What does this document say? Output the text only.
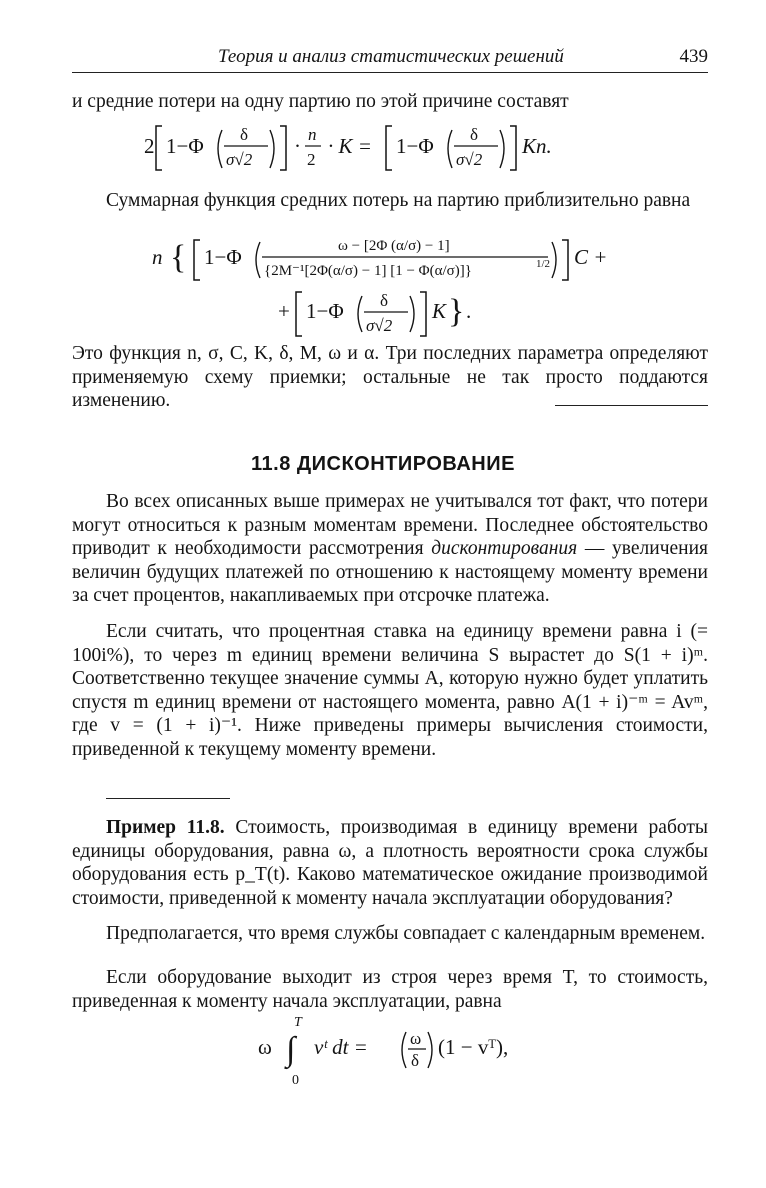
Теория и анализ статистических решений	439

и средние потери на одну партию по этой причине составят

2 1−Φ δ
σ√2
· n
2
· K = 1−Φ δ
σ√2
Kn.

Суммарная функция средних потерь на партию приблизительно равна

n { 1−Φ	ω − [2Φ (α/σ) − 1]
{2M⁻¹[2Φ(α/σ) − 1] [1 − Φ(α/σ)]}	1/2 C +
+ 1−Φ δ
σ√2
K } .

Это функция n, σ, C, K, δ, M, ω и α. Три последних параметра определяют применяемую схему приемки; остальные не так просто поддаются изменению.

11.8 ДИСКОНТИРОВАНИЕ

Во всех описанных выше примерах не учитывался тот факт, что потери могут относиться к разным моментам времени. Последнее обстоятельство приводит к необходимости рассмотрения дисконтирования — увеличения величин будущих платежей по отношению к настоящему моменту времени за счет процентов, накапливаемых при отсрочке платежа.

Если считать, что процентная ставка на единицу времени равна i (= 100i%), то через m единиц времени величина S вырастет до S(1 + i)ᵐ. Соответственно текущее значение суммы A, которую нужно будет уплатить спустя m единиц времени от настоящего момента, равно A(1 + i)⁻ᵐ = Avᵐ, где v = (1 + i)⁻¹. Ниже приведены примеры вычисления стоимости, приведенной к текущему моменту времени.

Пример 11.8. Стоимость, производимая в единицу времени работы единицы оборудования, равна ω, а плотность вероятности срока службы оборудования есть p_T(t). Каково математическое ожидание производимой стоимости, приведенной к моменту начала эксплуатации оборудования?

Предполагается, что время службы совпадает с календарным временем.

Если оборудование выходит из строя через время T, то стоимость, приведенная к моменту начала эксплуатации, равна

T
ω ∫
0
vᵗ dt = ω
δ
(1 − vᵀ),
